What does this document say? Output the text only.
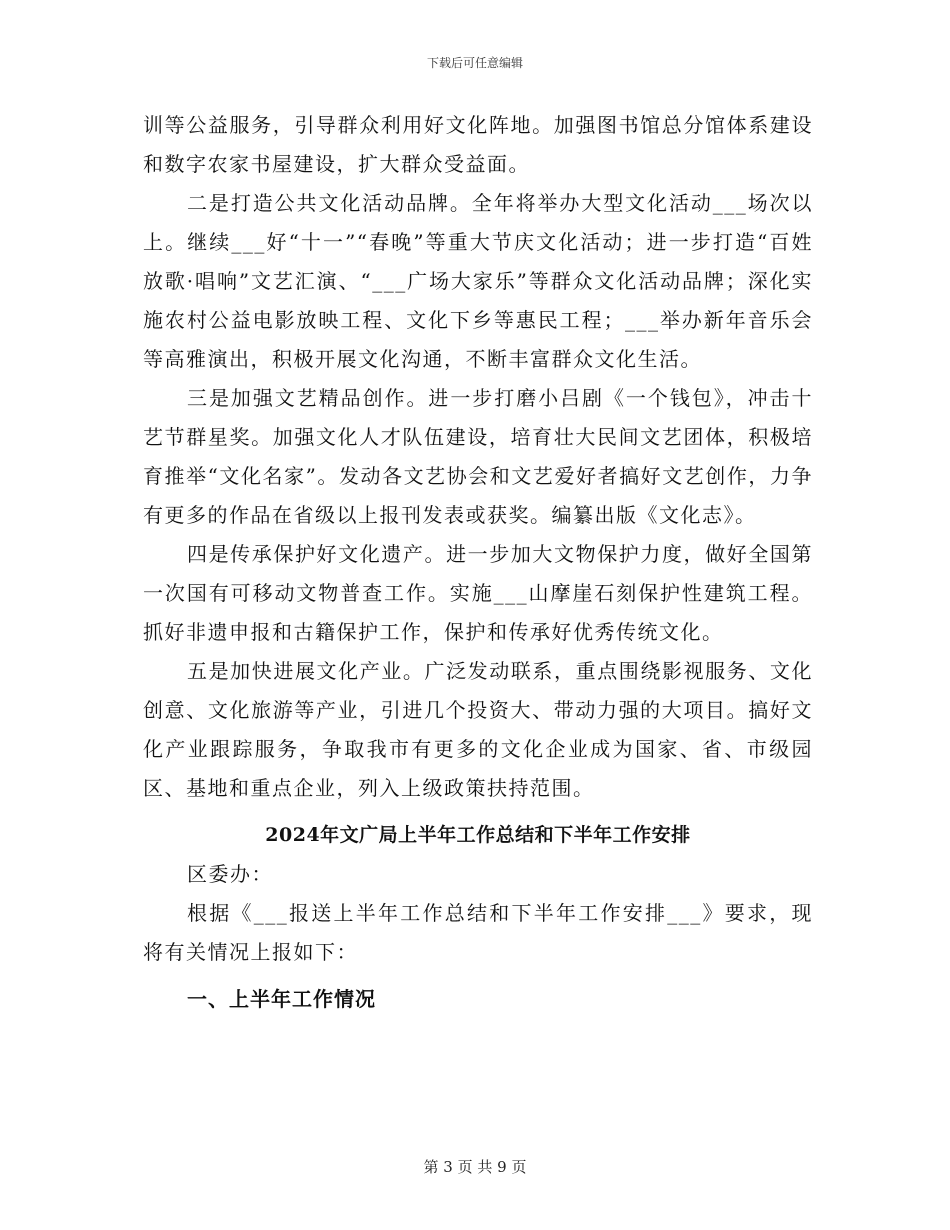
下载后可任意编辑

训等公益服务，引导群众利用好文化阵地。加强图书馆总分馆体系建设和数字农家书屋建设，扩大群众受益面。

二是打造公共文化活动品牌。全年将举办大型文化活动___场次以上。继续___好“十一”“春晚”等重大节庆文化活动；进一步打造“百姓放歌·唱响”文艺汇演、“___广场大家乐”等群众文化活动品牌；深化实施农村公益电影放映工程、文化下乡等惠民工程；___举办新年音乐会等高雅演出，积极开展文化沟通，不断丰富群众文化生活。

三是加强文艺精品创作。进一步打磨小吕剧《一个钱包》，冲击十艺节群星奖。加强文化人才队伍建设，培育壮大民间文艺团体，积极培育推举“文化名家”。发动各文艺协会和文艺爱好者搞好文艺创作，力争有更多的作品在省级以上报刊发表或获奖。编纂出版《文化志》。

四是传承保护好文化遗产。进一步加大文物保护力度，做好全国第一次国有可移动文物普查工作。实施___山摩崖石刻保护性建筑工程。抓好非遗申报和古籍保护工作，保护和传承好优秀传统文化。

五是加快进展文化产业。广泛发动联系，重点围绕影视服务、文化创意、文化旅游等产业，引进几个投资大、带动力强的大项目。搞好文化产业跟踪服务，争取我市有更多的文化企业成为国家、省、市级园区、基地和重点企业，列入上级政策扶持范围。

2024年文广局上半年工作总结和下半年工作安排

区委办：

根据《___报送上半年工作总结和下半年工作安排___》要求，现将有关情况上报如下：

一、上半年工作情况
第 3 页 共 9 页
